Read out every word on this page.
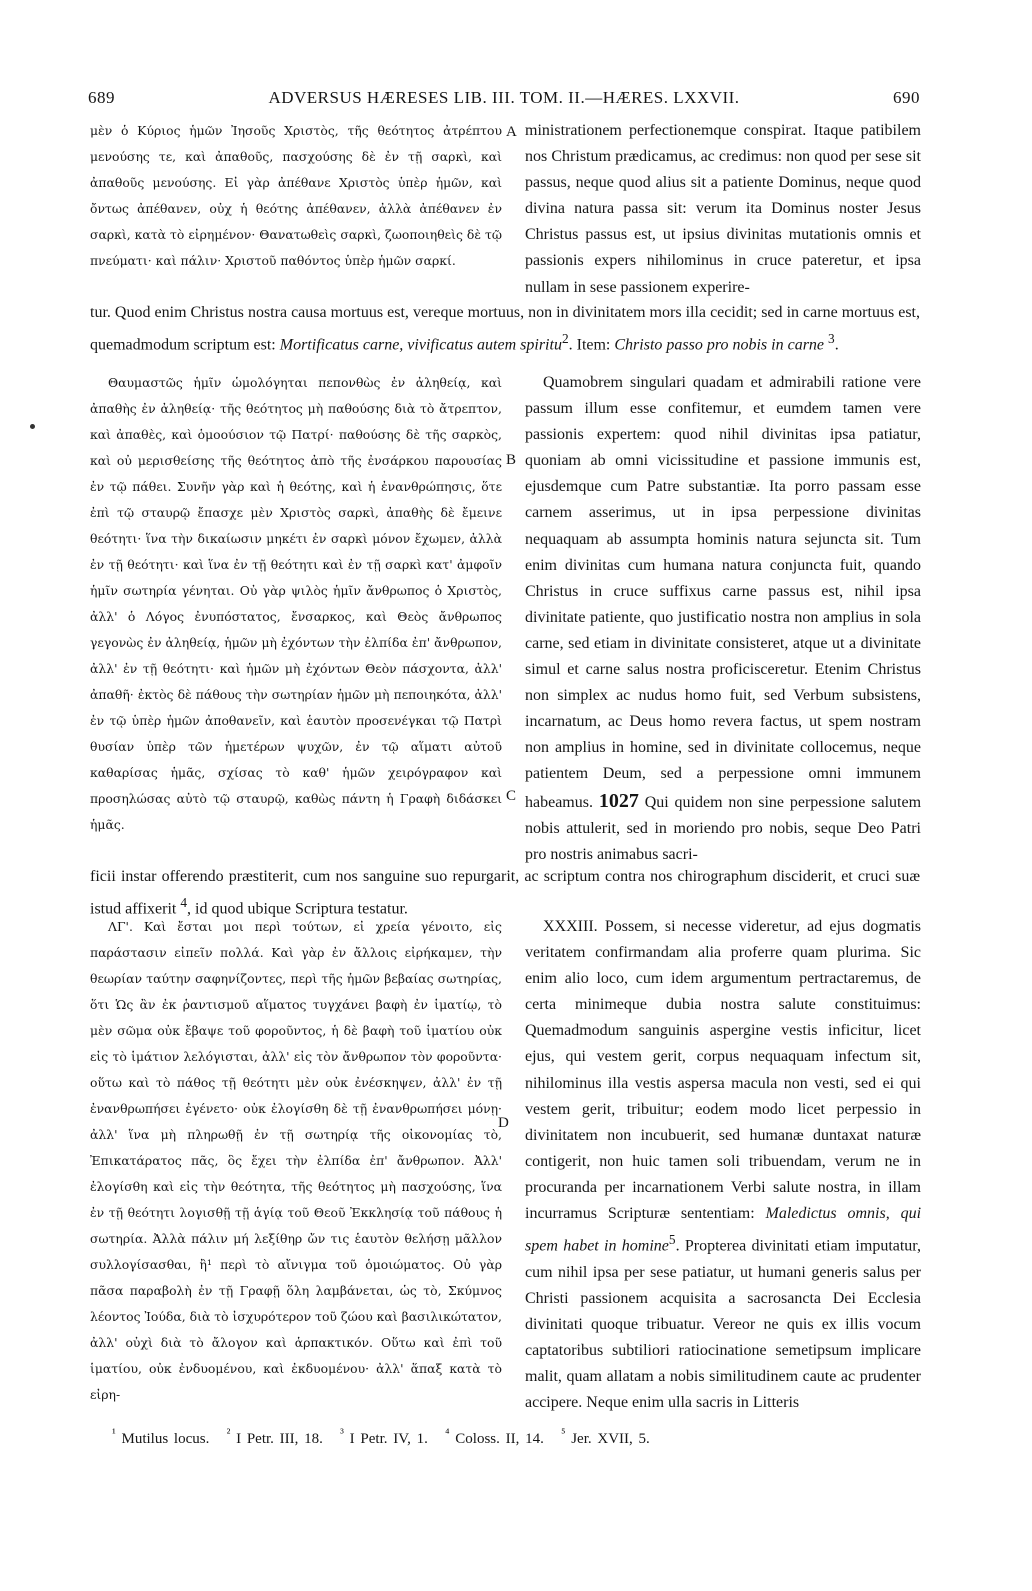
689	ADVERSUS HÆRESES LIB. III. TOM. II.—HÆRES. LXXVII.	690

μὲν ὁ Κύριος ἡμῶν Ἰησοῦς Χριστὸς, τῆς θεότητος ἀτρέπτου μενούσης τε, καὶ ἀπαθοῦς, πασχούσης δὲ ἐν τῇ σαρκὶ, καὶ ἀπαθοῦς μενούσης. Εἰ γὰρ ἀπέθανε Χριστὸς ὑπὲρ ἡμῶν, καὶ ὄντως ἀπέθανεν, οὐχ ἡ θεότης ἀπέθανεν, ἀλλὰ ἀπέθανεν ἐν σαρκὶ, κατὰ τὸ εἰρημένον· Θανατωθεὶς σαρκὶ, ζωοποιηθεὶς δὲ τῷ πνεύματι· καὶ πάλιν· Χριστοῦ παθόντος ὑπὲρ ἡμῶν σαρκί.

A ministrationem perfectionemque conspirat. Itaque patibilem nos Christum prædicamus, ac credimus: non quod per sese sit passus, neque quod alius sit a patiente Dominus, neque quod divina natura passa sit: verum ita Dominus noster Jesus Christus passus est, ut ipsius divinitas mutationis omnis et passionis expers nihilominus in cruce pateretur, et ipsa nullam in sese passionem experire-

tur. Quod enim Christus nostra causa mortuus est, vereque mortuus, non in divinitatem mors illa cecidit; sed in carne mortuus est, quemadmodum scriptum est: Mortificatus carne, vivificatus autem spiritu$^2$. Item: Christo passo pro nobis in carne $^3$.

Θαυμαστῶς ἡμῖν ὡμολόγηται πεπονθὼς ἐν ἀληθείᾳ, καὶ ἀπαθὴς ἐν ἀληθείᾳ· τῆς θεότητος μὴ παθούσης διὰ τὸ ἄτρεπτον, καὶ ἀπαθὲς, καὶ ὁμοούσιον τῷ Πατρί· παθούσης δὲ τῆς σαρκὸς, καὶ οὐ μερισθείσης τῆς θεότητος ἀπὸ τῆς ἐνσάρκου παρουσίας ἐν τῷ πάθει. Συνῆν γὰρ καὶ ἡ θεότης, καὶ ἡ ἐνανθρώπησις, ὅτε ἐπὶ τῷ σταυρῷ ἔπασχε μὲν Χριστὸς σαρκὶ, ἀπαθὴς δὲ ἔμεινε θεότητι· ἵνα τὴν δικαίωσιν μηκέτι ἐν σαρκὶ μόνον ἔχωμεν, ἀλλὰ ἐν τῇ θεότητι· καὶ ἵνα ἐν τῇ θεότητι καὶ ἐν τῇ σαρκὶ κατ' ἀμφοῖν ἡμῖν σωτηρία γένηται. Οὐ γὰρ ψιλὸς ἡμῖν ἄνθρωπος ὁ Χριστὸς, ἀλλ' ὁ Λόγος ἐνυπόστατος, ἔνσαρκος, καὶ Θεὸς ἄνθρωπος γεγονὼς ἐν ἀληθείᾳ, ἡμῶν μὴ ἐχόντων τὴν ἐλπίδα ἐπ' ἄνθρωπον, ἀλλ' ἐν τῇ θεότητι· καὶ ἡμῶν μὴ ἐχόντων Θεὸν πάσχοντα, ἀλλ' ἀπαθῆ· ἐκτὸς δὲ πάθους τὴν σωτηρίαν ἡμῶν μὴ πεποιηκότα, ἀλλ' ἐν τῷ ὑπὲρ ἡμῶν ἀποθανεῖν, καὶ ἑαυτὸν προσενέγκαι τῷ Πατρὶ θυσίαν ὑπὲρ τῶν ἡμετέρων ψυχῶν, ἐν τῷ αἵματι αὐτοῦ καθαρίσας ἡμᾶς, σχίσας τὸ καθ' ἡμῶν χειρόγραφον καὶ προσηλώσας αὐτὸ τῷ σταυρῷ, καθὼς πάντη ἡ Γραφὴ διδάσκει ἡμᾶς.

B
C

Quamobrem singulari quadam et admirabili ratione vere passum illum esse confitemur, et eumdem tamen vere passionis expertem: quod nihil divinitas ipsa patiatur, quoniam ab omni vicissitudine et passione immunis est, ejusdemque cum Patre substantiæ. Ita porro passam esse carnem asserimus, ut in ipsa perpessione divinitas nequaquam ab assumpta hominis natura sejuncta sit. Tum enim divinitas cum humana natura conjuncta fuit, quando Christus in cruce suffixus carne passus est, nihil ipsa divinitate patiente, quo justificatio nostra non amplius in sola carne, sed etiam in divinitate consisteret, atque ut a divinitate simul et carne salus nostra proficisceretur. Etenim Christus non simplex ac nudus homo fuit, sed Verbum subsistens, incarnatum, ac Deus homo revera factus, ut spem nostram non amplius in homine, sed in divinitate collocemus, neque patientem Deum, sed a perpessione omni immunem habeamus. 1027 Qui quidem non sine perpessione salutem nobis attulerit, sed in moriendo pro nobis, seque Deo Patri pro nostris animabus sacri-

ficii instar offerendo præstiterit, cum nos sanguine suo repurgarit, ac scriptum contra nos chirographum disciderit, et cruci suæ istud affixerit $^4$, id quod ubique Scriptura testatur.

ΛΓ'. Καὶ ἔσται μοι περὶ τούτων, εἰ χρεία γένοιτο, εἰς παράστασιν εἰπεῖν πολλά. Καὶ γὰρ ἐν ἄλλοις εἰρήκαμεν, τὴν θεωρίαν ταύτην σαφηνίζοντες, περὶ τῆς ἡμῶν βεβαίας σωτηρίας, ὅτι Ὡς ἂν ἐκ ῥαντισμοῦ αἵματος τυγχάνει βαφὴ ἐν ἱματίῳ, τὸ μὲν σῶμα οὐκ ἔβαψε τοῦ φοροῦντος, ἡ δὲ βαφὴ τοῦ ἱματίου οὐκ εἰς τὸ ἱμάτιον λελόγισται, ἀλλ' εἰς τὸν ἄνθρωπον τὸν φοροῦντα· οὕτω καὶ τὸ πάθος τῇ θεότητι μὲν οὐκ ἐνέσκηψεν, ἀλλ' ἐν τῇ ἐνανθρωπήσει ἐγένετο· οὐκ ἐλογίσθη δὲ τῇ ἐνανθρωπήσει μόνῃ· ἀλλ' ἵνα μὴ πληρωθῇ ἐν τῇ σωτηρίᾳ τῆς οἰκονομίας τὸ, Ἐπικατάρατος πᾶς, ὃς ἔχει τὴν ἐλπίδα ἐπ' ἄνθρωπον. Ἀλλ' ἐλογίσθη καὶ εἰς τὴν θεότητα, τῆς θεότητος μὴ πασχούσης, ἵνα ἐν τῇ θεότητι λογισθῇ τῇ ἁγίᾳ τοῦ Θεοῦ Ἐκκλησίᾳ τοῦ πάθους ἡ σωτηρία. Ἀλλὰ πάλιν μή λεξίθηρ ὤν τις ἑαυτὸν θελήσῃ μᾶλλον συλλογίσασθαι, ἢ¹ περὶ τὸ αἴνιγμα τοῦ ὁμοιώματος. Οὐ γὰρ πᾶσα παραβολὴ ἐν τῇ Γραφῇ ὅλη λαμβάνεται, ὡς τὸ, Σκύμνος λέοντος Ἰούδα, διὰ τὸ ἰσχυρότερον τοῦ ζώου καὶ βασιλικώτατον, ἀλλ' οὐχὶ διὰ τὸ ἄλογον καὶ ἁρπακτικόν. Οὕτω καὶ ἐπὶ τοῦ ἱματίου, οὐκ ἐνδυομένου, καὶ ἐκδυομένου· ἀλλ' ἅπαξ κατὰ τὸ εἰρη-

D

XXXIII. Possem, si necesse videretur, ad ejus dogmatis veritatem confirmandam alia proferre quam plurima. Sic enim alio loco, cum idem argumentum pertractaremus, de certa minimeque dubia nostra salute constituimus: Quemadmodum sanguinis aspergine vestis inficitur, licet ejus, qui vestem gerit, corpus nequaquam infectum sit, nihilominus illa vestis aspersa macula non vesti, sed ei qui vestem gerit, tribuitur; eodem modo licet perpessio in divinitatem non incubuerit, sed humanæ duntaxat naturæ contigerit, non huic tamen soli tribuendam, verum ne in procuranda per incarnationem Verbi salute nostra, in illam incurramus Scripturæ sententiam: Maledictus omnis, qui spem habet in homine$^5$. Propterea divinitati etiam imputatur, cum nihil ipsa per sese patiatur, ut humani generis salus per Christi passionem acquisita a sacrosancta Dei Ecclesia divinitati quoque tribuatur. Vereor ne quis ex illis vocum captatoribus subtiliori ratiocinatione semetipsum implicare malit, quam allatam a nobis similitudinem caute ac prudenter accipere. Neque enim ulla sacris in Litteris

$^{^1}$ Mutilus locus. $^{^2}$ I Petr. III, 18. $^{^3}$ I Petr. IV, 1. $^{^4}$ Coloss. II, 14. $^{^5}$ Jer. XVII, 5.
